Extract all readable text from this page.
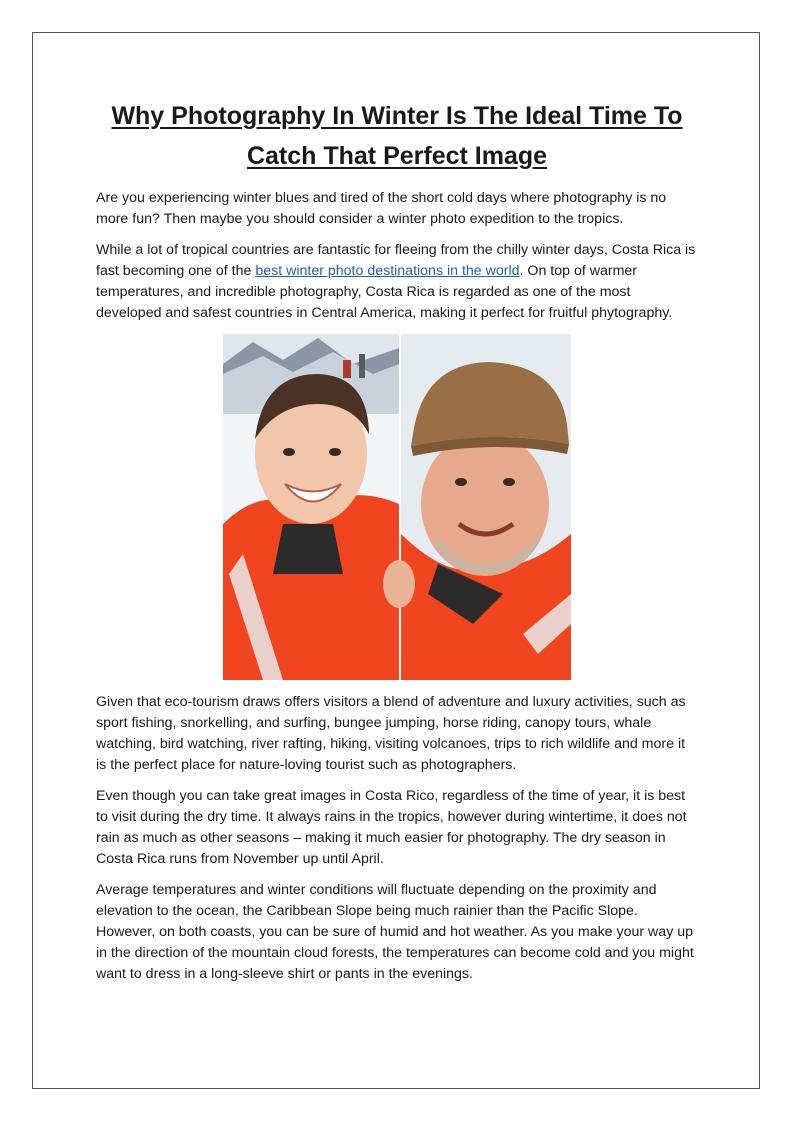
Why Photography In Winter Is The Ideal Time To Catch That Perfect Image

Are you experiencing winter blues and tired of the short cold days where photography is no more fun? Then maybe you should consider a winter photo expedition to the tropics.

While a lot of tropical countries are fantastic for fleeing from the chilly winter days, Costa Rica is fast becoming one of the best winter photo destinations in the world. On top of warmer temperatures, and incredible photography, Costa Rica is regarded as one of the most developed and safest countries in Central America, making it perfect for fruitful phytography.

Given that eco-tourism draws offers visitors a blend of adventure and luxury activities, such as sport fishing, snorkelling, and surfing, bungee jumping, horse riding, canopy tours, whale watching, bird watching, river rafting, hiking, visiting volcanoes, trips to rich wildlife and more it is the perfect place for nature-loving tourist such as photographers.

Even though you can take great images in Costa Rico, regardless of the time of year, it is best to visit during the dry time. It always rains in the tropics, however during wintertime, it does not rain as much as other seasons – making it much easier for photography. The dry season in Costa Rica runs from November up until April.

Average temperatures and winter conditions will fluctuate depending on the proximity and elevation to the ocean, the Caribbean Slope being much rainier than the Pacific Slope. However, on both coasts, you can be sure of humid and hot weather. As you make your way up in the direction of the mountain cloud forests, the temperatures can become cold and you might want to dress in a long-sleeve shirt or pants in the evenings.
